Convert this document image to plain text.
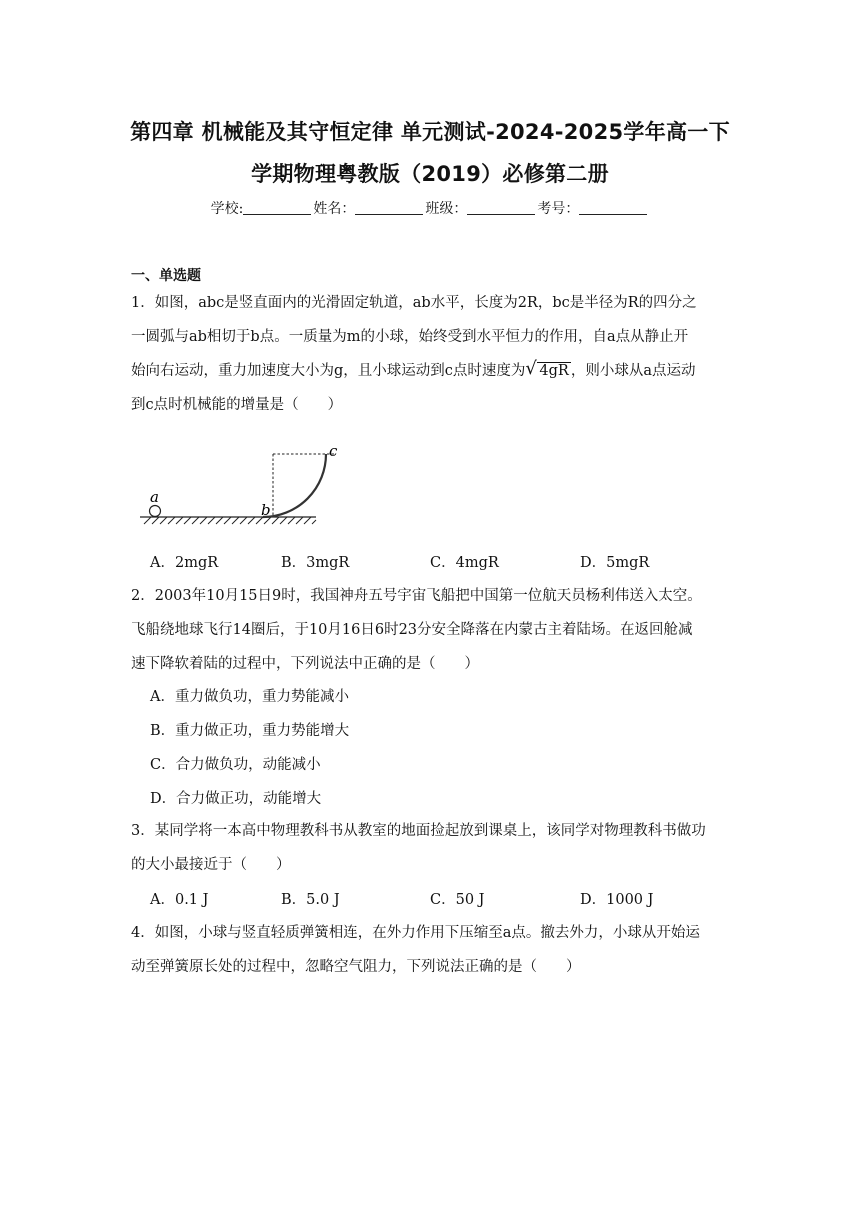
第四章 机械能及其守恒定律 单元测试-2024-2025学年高一下
学期物理粤教版（2019）必修第二册
学校:	姓名：	班级：	考号：
一、单选题
1．如图，abc是竖直面内的光滑固定轨道，ab水平，长度为2R，bc是半径为R的四分之
一圆弧与ab相切于b点。一质量为m的小球，始终受到水平恒力的作用，自a点从静止开
始向右运动，重力加速度大小为g，且小球运动到c点时速度为 √ 4gR ，则小球从a点运动
到c点时机械能的增量是（　　）
a
b
c
A．2mgR	B．3mgR	C．4mgR	D．5mgR
2．2003年10月15日9时，我国神舟五号宇宙飞船把中国第一位航天员杨利伟送入太空。
飞船绕地球飞行14圈后，于10月16日6时23分安全降落在内蒙古主着陆场。在返回舱减
速下降软着陆的过程中，下列说法中正确的是（　　）
A．重力做负功，重力势能减小
B．重力做正功，重力势能增大
C．合力做负功，动能减小
D．合力做正功，动能增大
3．某同学将一本高中物理教科书从教室的地面捡起放到课桌上，该同学对物理教科书做功
的大小最接近于（　　）
A．0.1 J	B．5.0 J	C．50 J	D．1000 J
4．如图，小球与竖直轻质弹簧相连，在外力作用下压缩至a点。撤去外力，小球从开始运
动至弹簧原长处的过程中，忽略空气阻力，下列说法正确的是（　　）
